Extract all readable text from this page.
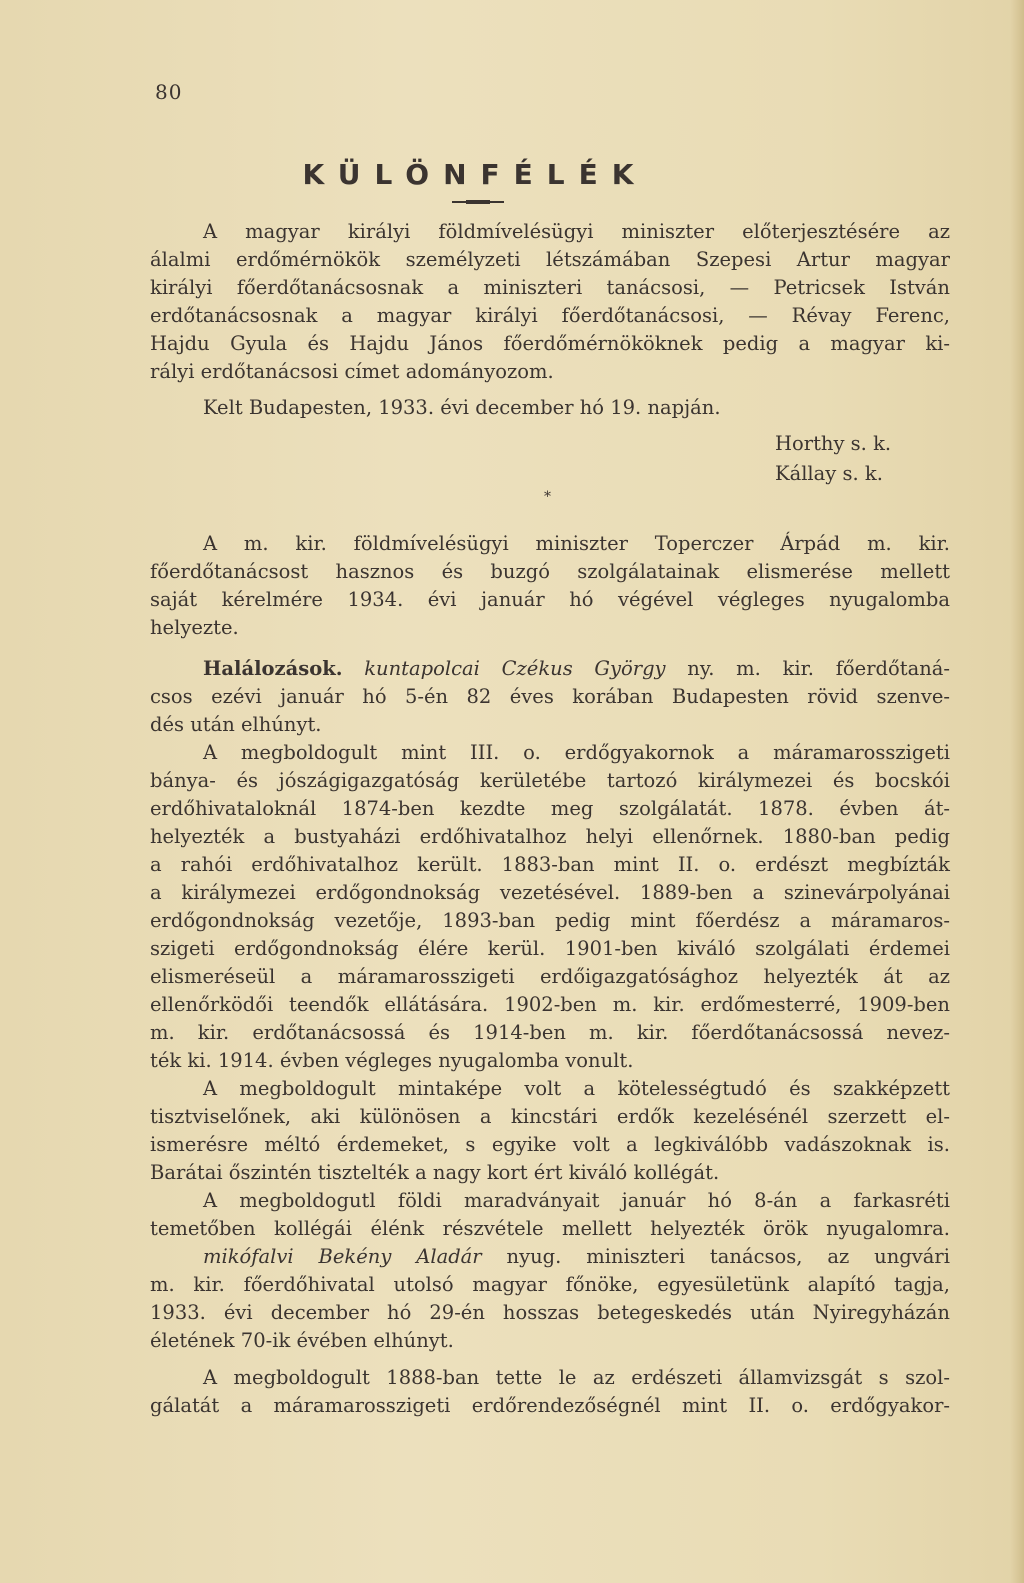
80
KÜLÖNFÉLÉK
A magyar királyi földmívelésügyi miniszter előterjesztésére az
álalmi erdőmérnökök személyzeti létszámában Szepesi Artur magyar
királyi főerdőtanácsosnak a miniszteri tanácsosi, — Petricsek István
erdőtanácsosnak a magyar királyi főerdőtanácsosi, — Révay Ferenc,
Hajdu Gyula és Hajdu János főerdőmérnököknek pedig a magyar ki-
rályi erdőtanácsosi címet adományozom.
Kelt Budapesten, 1933. évi december hó 19. napján.
Horthy s. k.
Kállay s. k.
*
A m. kir. földmívelésügyi miniszter Toperczer Árpád m. kir.
főerdőtanácsost hasznos és buzgó szolgálatainak elismerése mellett
saját kérelmére 1934. évi január hó végével végleges nyugalomba
helyezte.
Halálozások. kuntapolcai Czékus György ny. m. kir. főerdőtaná-
csos ezévi január hó 5-én 82 éves korában Budapesten rövid szenve-
dés után elhúnyt.
A megboldogult mint III. o. erdőgyakornok a máramarosszigeti
bánya- és jószágigazgatóság kerületébe tartozó királymezei és bocskói
erdőhivataloknál 1874-ben kezdte meg szolgálatát. 1878. évben át-
helyezték a bustyaházi erdőhivatalhoz helyi ellenőrnek. 1880-ban pedig
a rahói erdőhivatalhoz került. 1883-ban mint II. o. erdészt megbízták
a királymezei erdőgondnokság vezetésével. 1889-ben a szinevárpolyánai
erdőgondnokság vezetője, 1893-ban pedig mint főerdész a máramaros-
szigeti erdőgondnokság élére kerül. 1901-ben kiváló szolgálati érdemei
elismeréseül a máramarosszigeti erdőigazgatósághoz helyezték át az
ellenőrködői teendők ellátására. 1902-ben m. kir. erdőmesterré, 1909-ben
m. kir. erdőtanácsossá és 1914-ben m. kir. főerdőtanácsossá nevez-
ték ki. 1914. évben végleges nyugalomba vonult.
A megboldogult mintaképe volt a kötelességtudó és szakképzett
tisztviselőnek, aki különösen a kincstári erdők kezelésénél szerzett el-
ismerésre méltó érdemeket, s egyike volt a legkiválóbb vadászoknak is.
Barátai őszintén tisztelték a nagy kort ért kiváló kollégát.
A megboldogutl földi maradványait január hó 8-án a farkasréti
temetőben kollégái élénk részvétele mellett helyezték örök nyugalomra.
mikófalvi Bekény Aladár nyug. miniszteri tanácsos, az ungvári
m. kir. főerdőhivatal utolsó magyar főnöke, egyesületünk alapító tagja,
1933. évi december hó 29-én hosszas betegeskedés után Nyiregyházán
életének 70-ik évében elhúnyt.
A megboldogult 1888-ban tette le az erdészeti államvizsgát s szol-
gálatát a máramarosszigeti erdőrendezőségnél mint II. o. erdőgyakor-
